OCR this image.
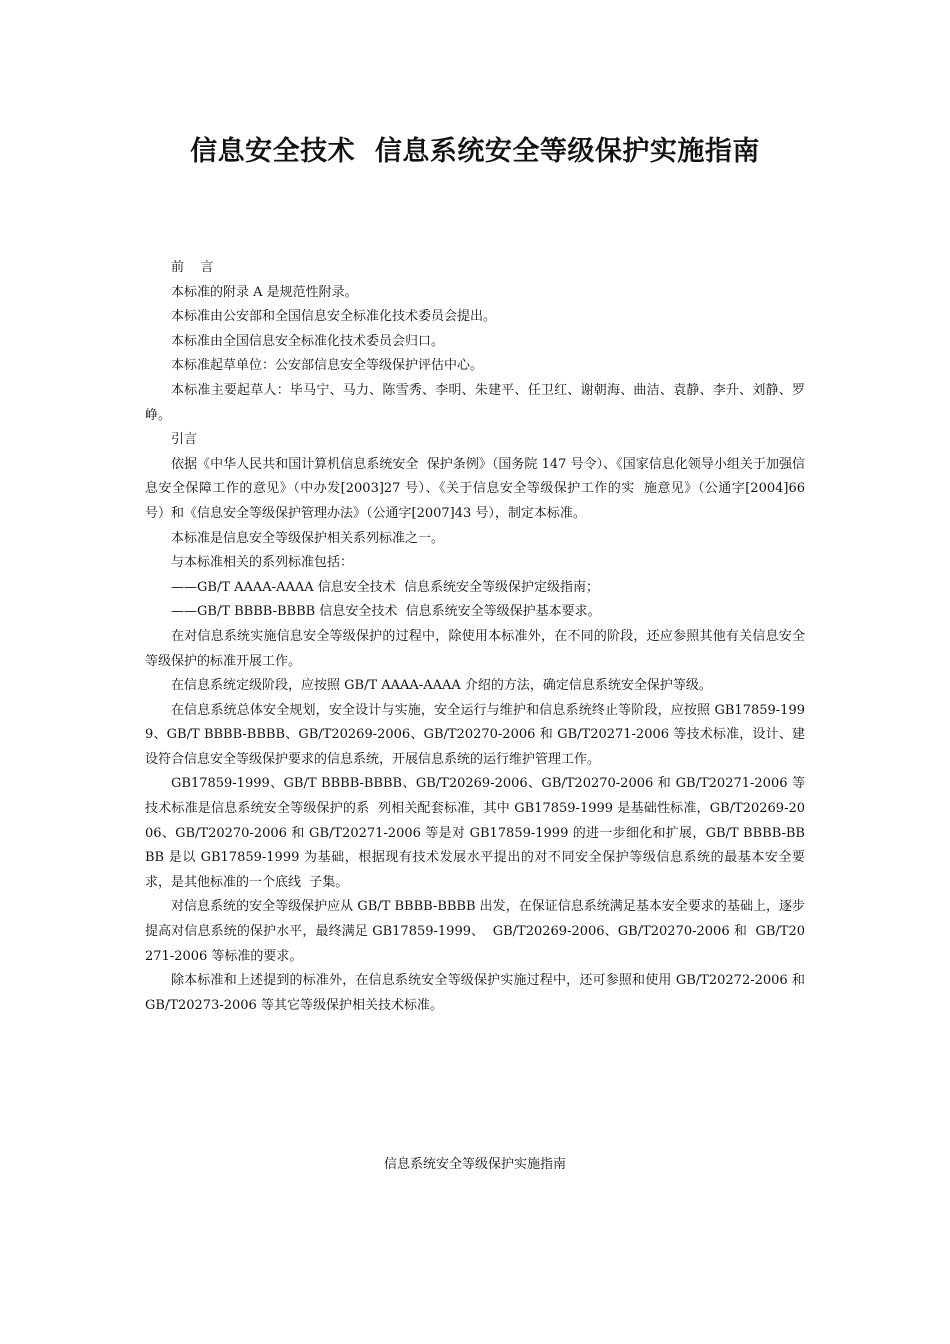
信息安全技术  信息系统安全等级保护实施指南

前    言

本标准的附录 A 是规范性附录。

本标准由公安部和全国信息安全标准化技术委员会提出。

本标准由全国信息安全标准化技术委员会归口。

本标准起草单位：公安部信息安全等级保护评估中心。

本标准主要起草人：毕马宁、马力、陈雪秀、李明、朱建平、任卫红、谢朝海、曲洁、袁静、李升、刘静、罗峥。

引言

依据《中华人民共和国计算机信息系统安全  保护条例》（国务院 147 号令）、《国家信息化领导小组关于加强信息安全保障工作的意见》（中办发[2003]27 号）、《关于信息安全等级保护工作的实  施意见》（公通字[2004]66 号）和《信息安全等级保护管理办法》（公通字[2007]43 号），制定本标准。

本标准是信息安全等级保护相关系列标准之一。

与本标准相关的系列标准包括：

——GB/T AAAA-AAAA 信息安全技术  信息系统安全等级保护定级指南；

——GB/T BBBB-BBBB 信息安全技术  信息系统安全等级保护基本要求。

在对信息系统实施信息安全等级保护的过程中，除使用本标准外，在不同的阶段，还应参照其他有关信息安全等级保护的标准开展工作。

在信息系统定级阶段，应按照 GB/T AAAA-AAAA 介绍的方法，确定信息系统安全保护等级。

在信息系统总体安全规划，安全设计与实施，安全运行与维护和信息系统终止等阶段，应按照 GB17859-1999、GB/T BBBB-BBBB、GB/T20269-2006、GB/T20270-2006 和 GB/T20271-2006 等技术标准，设计、建设符合信息安全等级保护要求的信息系统，开展信息系统的运行维护管理工作。

GB17859-1999、GB/T BBBB-BBBB、GB/T20269-2006、GB/T20270-2006 和 GB/T20271-2006 等技术标准是信息系统安全等级保护的系  列相关配套标准，其中 GB17859-1999 是基础性标准，GB/T20269-2006、GB/T20270-2006 和 GB/T20271-2006 等是对 GB17859-1999 的进一步细化和扩展，GB/T BBBB-BBBB 是以 GB17859-1999 为基础，根据现有技术发展水平提出的对不同安全保护等级信息系统的最基本安全要求，是其他标准的一个底线  子集。

对信息系统的安全等级保护应从 GB/T BBBB-BBBB 出发，在保证信息系统满足基本安全要求的基础上，逐步提高对信息系统的保护水平，最终满足 GB17859-1999、  GB/T20269-2006、GB/T20270-2006 和  GB/T20271-2006 等标准的要求。

除本标准和上述提到的标准外，在信息系统安全等级保护实施过程中，还可参照和使用 GB/T20272-2006 和 GB/T20273-2006 等其它等级保护相关技术标准。

信息系统安全等级保护实施指南
